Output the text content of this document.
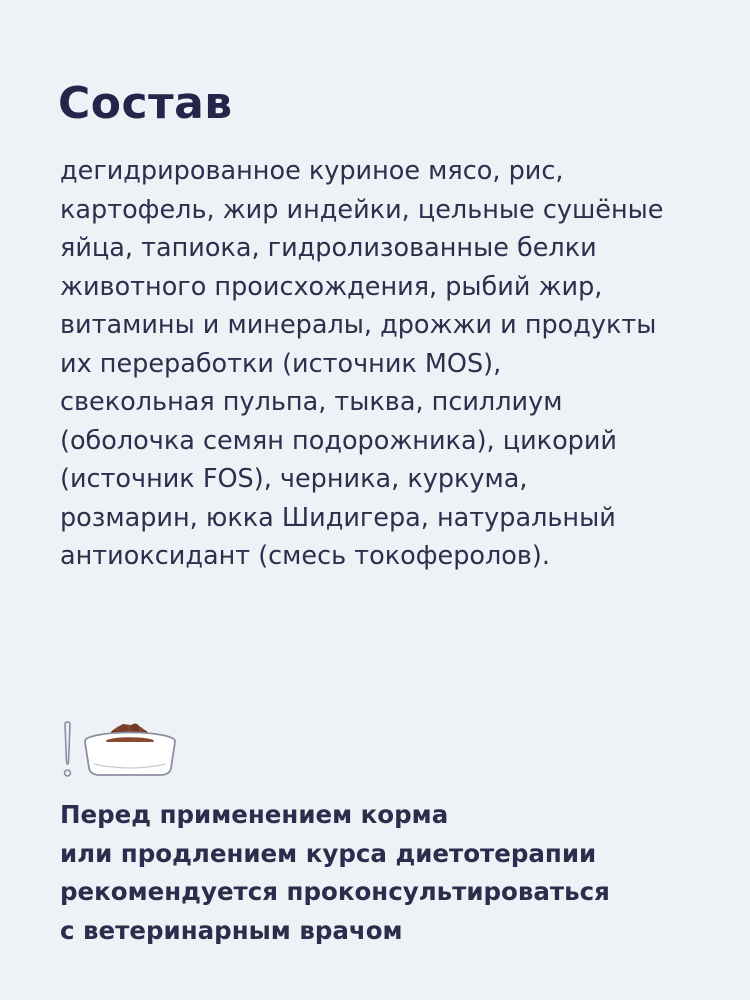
Состав

дегидрированное куриное мясо, рис,
картофель, жир индейки, цельные сушёные
яйца, тапиока, гидролизованные белки
животного происхождения, рыбий жир,
витамины и минералы, дрожжи и продукты
их переработки (источник MOS),
свекольная пульпа, тыква, псиллиум
(оболочка семян подорожника), цикорий
(источник FOS), черника, куркума,
розмарин, юкка Шидигера, натуральный
антиоксидант (смесь токоферолов).

Перед применением корма
или продлением курса диетотерапии
рекомендуется проконсультироваться
с ветеринарным врачом
